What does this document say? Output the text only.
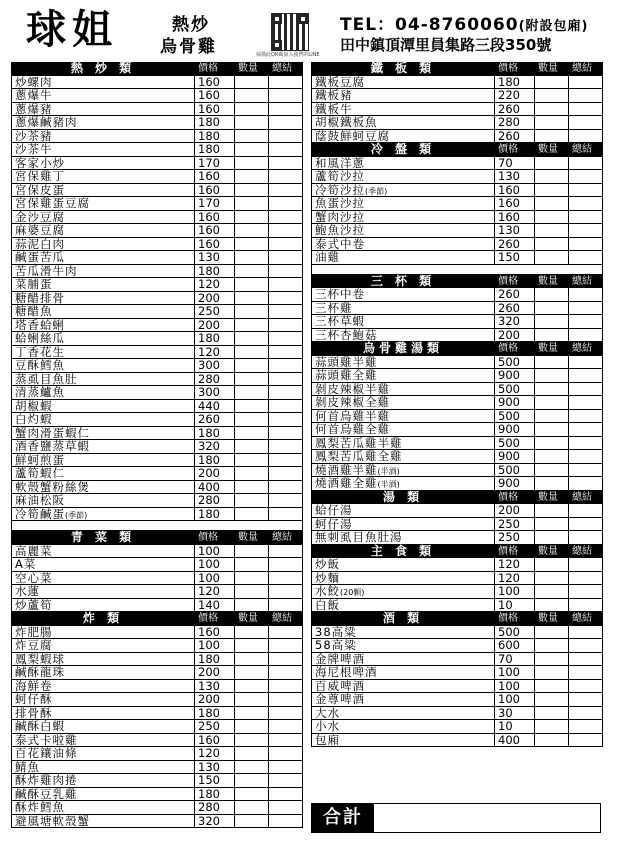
球姐	熱炒
烏骨雞	掃描此QR碼加入我們的LINE
TEL：04-8760060(附設包廂)
田中鎮頂潭里員集路三段350號
熱 炒 類	價格 數量 總結
炒螺肉	160
蔥爆牛	160
蔥爆豬	160
蔥爆鹹豬肉	180
沙茶豬	180
沙茶牛	180
客家小炒	170
宮保雞丁	160
宮保皮蛋	160
宮保雞蛋豆腐	170
金沙豆腐	160
麻婆豆腐	160
蒜泥白肉	160
鹹蛋苦瓜	130
苦瓜滑牛肉	180
菜脯蛋	120
糖醋排骨	200
糖醋魚	250
塔香蛤蜊	200
蛤蜊絲瓜	180
丁香花生	120
豆酥鱈魚	300
蒸虱目魚肚	280
清蒸鱸魚	300
胡椒蝦	440
白灼蝦	260
蟹肉滑蛋蝦仁	180
酒香鹽蒸草蝦	320
鮮蚵煎蛋	180
蘆筍蝦仁	200
軟殼蟹粉絲煲	400
麻油松阪	280
冷筍鹹蛋(季節)	180
青 菜 類	價格 數量 總結
高麗菜	100
A菜	100
空心菜	100
水蓮	120
炒蘆筍	140
炸 類	價格 數量 總結
炸肥腸	160
炸豆腐	100
鳳梨蝦球	180
鹹酥龍珠	200
海鮮卷	130
蚵仔酥	200
排骨酥	180
鹹酥白蝦	250
泰式卡啦雞	160
百花鑲油條	120
鯖魚	130
酥炸雞肉捲	150
鹹酥豆乳雞	180
酥炸鱈魚	280
避風塘軟殼蟹	320
鐵 板 類	價格 數量 總結
鐵板豆腐	180
鐵板豬	220
鐵板牛	260
胡椒鐵板魚	280
蔭鼓鮮蚵豆腐	260
冷 盤 類	價格 數量 總結
和風洋蔥	70
蘆筍沙拉	130
冷筍沙拉(季節)	160
魚蛋沙拉	160
蟹肉沙拉	160
鮑魚沙拉	130
泰式中卷	260
油雞	150
三 杯 類	價格 數量 總結
三杯中卷	260
三杯雞	260
三杯草蝦	320
三杯杏鮑菇	200
烏骨雞湯類	價格 數量 總結
蒜頭雞半雞	500
蒜頭雞全雞	900
剝皮辣椒半雞	500
剝皮辣椒全雞	900
何首烏雞半雞	500
何首烏雞全雞	900
鳳梨苦瓜雞半雞	500
鳳梨苦瓜雞全雞	900
燒酒雞半雞(半酒)	500
燒酒雞全雞(半酒)	900
湯 類	價格 數量 總結
蛤仔湯	200
蚵仔湯	250
無刺虱目魚肚湯	250
主 食 類	價格 數量 總結
炒飯	120
炒麵	120
水餃(20顆)	100
白飯	10
酒 類	價格 數量 總結
38高粱	500
58高粱	600
金牌啤酒	70
海尼根啤酒	100
百威啤酒	100
金尊啤酒	100
大水	30
小水	10
包廂	400
合計
